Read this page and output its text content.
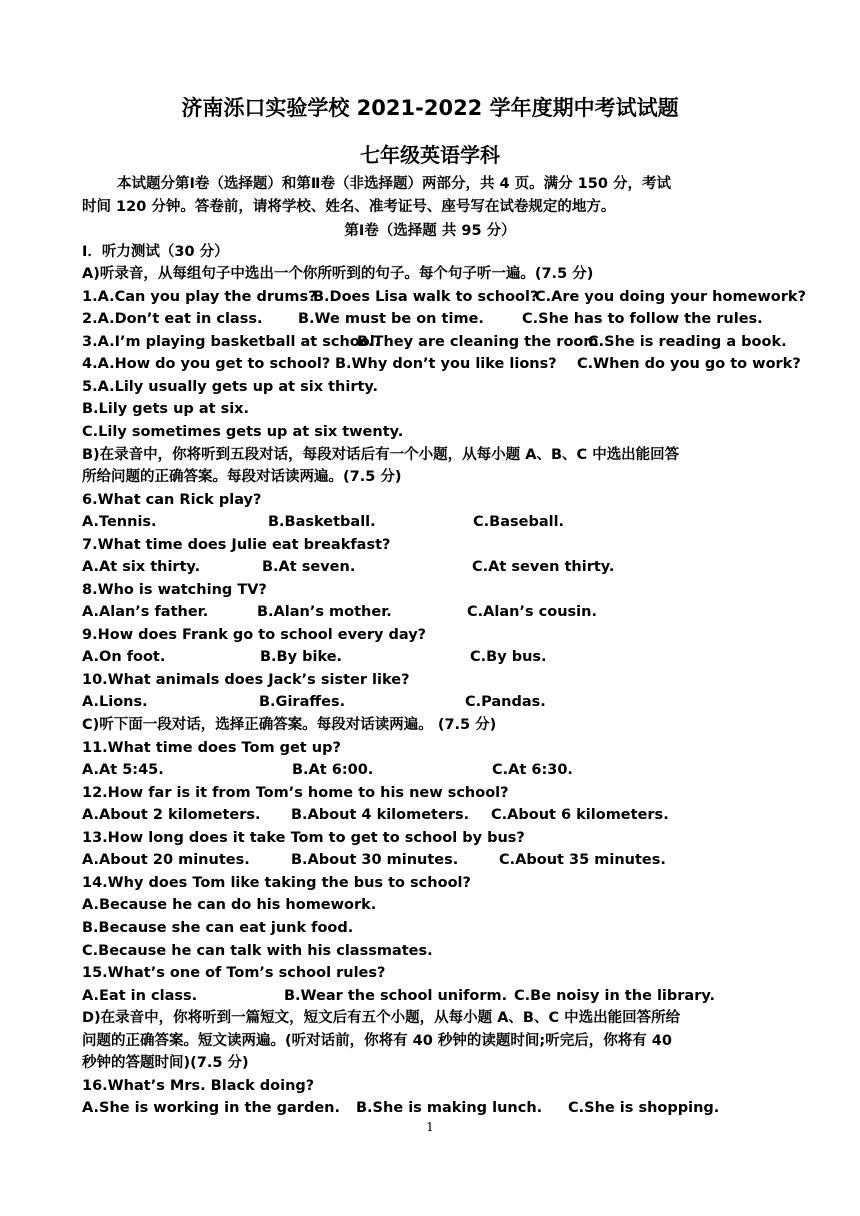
济南泺口实验学校 2021-2022 学年度期中考试试题
七年级英语学科
本试题分第Ⅰ卷（选择题）和第Ⅱ卷（非选择题）两部分，共 4 页。满分 150 分，考试
时间 120 分钟。答卷前，请将学校、姓名、准考证号、座号写在试卷规定的地方。
第Ⅰ卷（选择题 共 95 分）
I．听力测试（30 分）
A)听录音，从每组句子中选出一个你所听到的句子。每个句子听一遍。(7.5 分)
1.A.Can you play the drums?
B.Does Lisa walk to school?
C.Are you doing your homework?
2.A.Don’t eat in class. B.We must be on time.	C.She has to follow the rules.
3.A.I’m playing basketball at school.
B.They are cleaning the room.
C.She is reading a book.
4.A.How do you get to school? B.Why don’t you like lions? C.When do you go to work?
5.A.Lily usually gets up at six thirty.
B.Lily gets up at six.
C.Lily sometimes gets up at six twenty.
B)在录音中，你将听到五段对话，每段对话后有一个小题，从每小题 A、B、C 中选出能回答
所给问题的正确答案。每段对话读两遍。(7.5 分)
6.What can Rick play?
A.Tennis.	B.Basketball.	C.Baseball.
7.What time does Julie eat breakfast?
A.At six thirty.	B.At seven.	C.At seven thirty.
8.Who is watching TV?
A.Alan’s father.	B.Alan’s mother.	C.Alan’s cousin.
9.How does Frank go to school every day?
A.On foot.	B.By bike.	C.By bus.
10.What animals does Jack’s sister like?
A.Lions.	B.Giraffes.	C.Pandas.
C)听下面一段对话，选择正确答案。每段对话读两遍。 (7.5 分)
11.What time does Tom get up?
A.At 5:45.	B.At 6:00.	C.At 6:30.
12.How far is it from Tom’s home to his new school?
A.About 2 kilometers. B.About 4 kilometers. C.About 6 kilometers.
13.How long does it take Tom to get to school by bus?
A.About 20 minutes.	B.About 30 minutes.	C.About 35 minutes.
14.Why does Tom like taking the bus to school?
A.Because he can do his homework.
B.Because she can eat junk food.
C.Because he can talk with his classmates.
15.What’s one of Tom’s school rules?
A.Eat in class.	B.Wear the school uniform. C.Be noisy in the library.
D)在录音中，你将听到一篇短文，短文后有五个小题，从每小题 A、B、C 中选出能回答所给
问题的正确答案。短文读两遍。(听对话前，你将有 40 秒钟的读题时间;听完后，你将有 40
秒钟的答题时间)(7.5 分)
16.What’s Mrs. Black doing?
A.She is working in the garden. B.She is making lunch. C.She is shopping.
1
